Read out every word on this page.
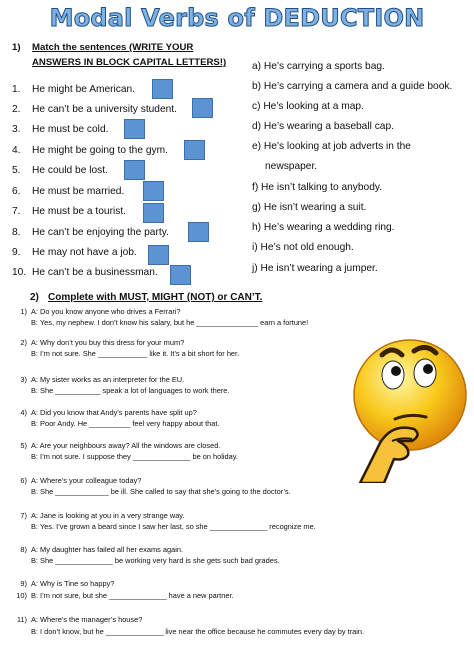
Modal Verbs of DEDUCTION
1) Match the sentences (WRITE YOUR
ANSWERS IN BLOCK CAPITAL LETTERS!)
1. He might be American.
2. He can’t be a university student.
3. He must be cold.
4. He might be going to the gym.
5. He could be lost.
6. He must be married.
7. He must be a tourist.
8. He can’t be enjoying the party.
9. He may not have a job.
10. He can’t be a businessman.
a) He’s carrying a sports bag.
b) He’s carrying a camera and a guide book.
c) He’s looking at a map.
d) He’s wearing a baseball cap.
e) He’s looking at job adverts in the
newspaper.
f) He isn’t talking to anybody.
g) He isn’t wearing a suit.
h) He’s wearing a wedding ring.
i) He’s not old enough.
j) He isn’t wearing a jumper.
2) Complete with MUST, MIGHT (NOT) or CAN’T.
1) A: Do you know anyone who drives a Ferrari?
B: Yes, my nephew. I don’t know his salary, but he _______________ earn a fortune!
2) A: Why don’t you buy this dress for your mum?
B: I’m not sure. She ____________ like it. It’s a bit short for her.
3) A: My sister works as an interpreter for the EU.
B: She ___________ speak a lot of languages to work there.
4) A: Did you know that Andy’s parents have split up?
B: Poor Andy. He __________ feel very happy about that.
5) A: Are your neighbours away? All the windows are closed.
B: I’m not sure. I suppose they ______________ be on holiday.
6) A: Where’s your colleague today?
B: She _____________ be ill. She called to say that she’s going to the doctor’s.
7) A: Jane is looking at you in a very strange way.
B: Yes. I’ve grown a beard since I saw her last, so she ______________ recognize me.
8) A: My daughter has failed all her exams again.
B: She ______________ be working very hard is she gets such bad grades.
9) A: Why is Tine so happy?
10) B: I’m not sure, but she ______________ have a new partner.
11) A: Where’s the manager’s house?
B: I don’t know, but he ______________ live near the office because he commutes every day by train.
